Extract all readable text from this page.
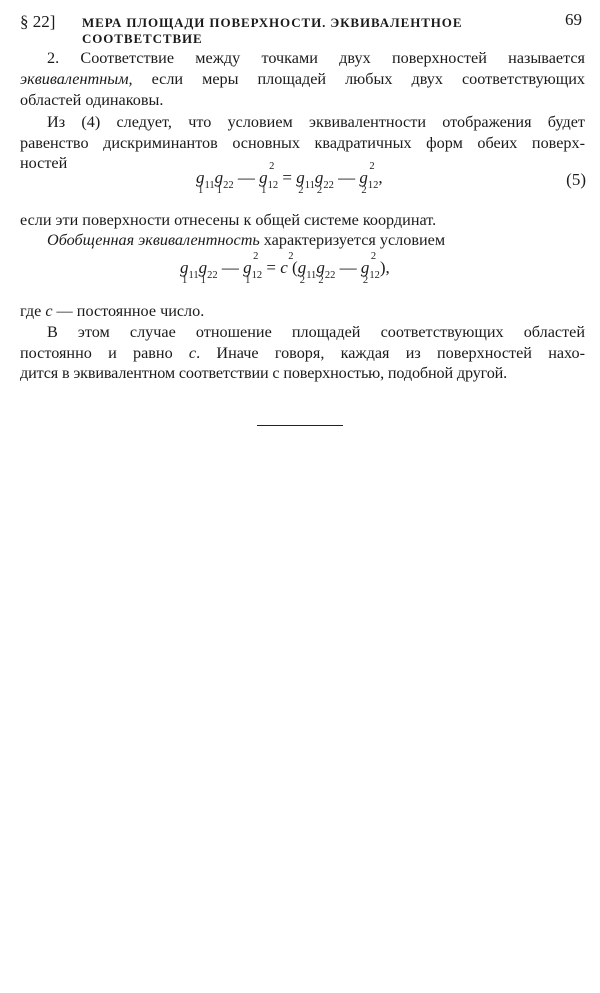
§ 22] МЕРА ПЛОЩАДИ ПОВЕРХНОСТИ. ЭКВИВАЛЕНТНОЕ СООТВЕТСТВИЕ
69
2. Соответствие между точками двух поверхностей называется
эквивалентным, если меры площадей любых двух соответствующих
областей одинаковы.
Из (4) следует, что условием эквивалентности отображения будет
равенство дискриминантов основных квадратичных форм обеих поверх-
ностей
$g_{11}$
1
$g_{22}$
1
— g
2
$_{12}$
1
= $g_{11}$
2
$g_{22}$
2
— g
2
$_{12}$
2
,	(5)
если эти поверхности отнесены к общей системе координат.
Обобщенная эквивалентность характеризуется условием
$g_{11}$
1
$g_{22}$
1
— g
2
$_{12}$
1
= c
2
($g_{11}$
2
$g_{22}$
2
— g
2
$_{12}$
2
),
где c — постоянное число.
В этом случае отношение площадей соответствующих областей
постоянно и равно c. Иначе говоря, каждая из поверхностей нахо-
дится в эквивалентном соответствии с поверхностью, подобной другой.
